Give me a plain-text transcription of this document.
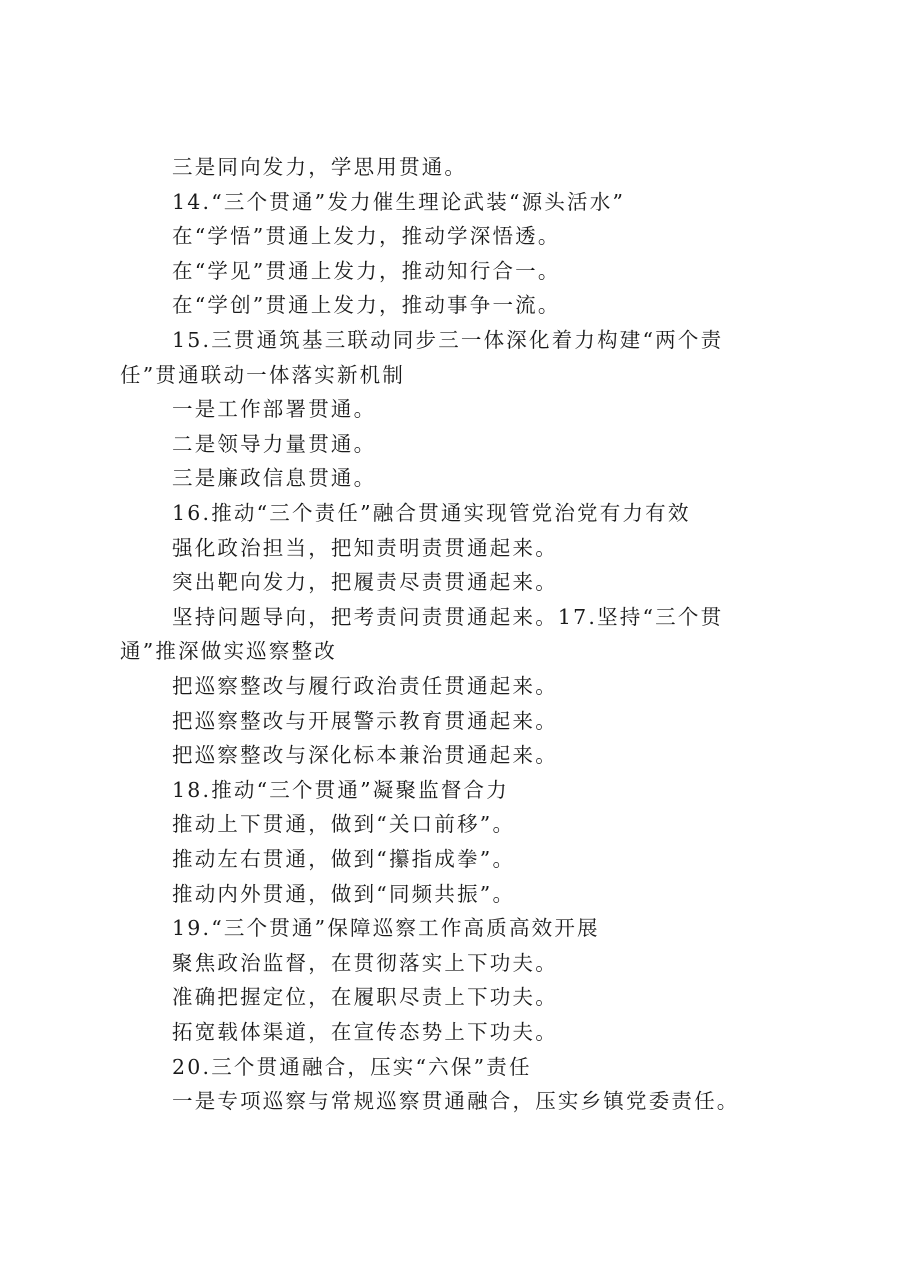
三是同向发力，学思用贯通。
14.“三个贯通”发力催生理论武装“源头活水”
在“学悟”贯通上发力，推动学深悟透。
在“学见”贯通上发力，推动知行合一。
在“学创”贯通上发力，推动事争一流。
15.三贯通筑基三联动同步三一体深化着力构建“两个责
任”贯通联动一体落实新机制
一是工作部署贯通。
二是领导力量贯通。
三是廉政信息贯通。
16.推动“三个责任”融合贯通实现管党治党有力有效
强化政治担当，把知责明责贯通起来。
突出靶向发力，把履责尽责贯通起来。
坚持问题导向，把考责问责贯通起来。17.坚持“三个贯
通”推深做实巡察整改
把巡察整改与履行政治责任贯通起来。
把巡察整改与开展警示教育贯通起来。
把巡察整改与深化标本兼治贯通起来。
18.推动“三个贯通”凝聚监督合力
推动上下贯通，做到“关口前移”。
推动左右贯通，做到“攥指成拳”。
推动内外贯通，做到“同频共振”。
19.“三个贯通”保障巡察工作高质高效开展
聚焦政治监督，在贯彻落实上下功夫。
准确把握定位，在履职尽责上下功夫。
拓宽载体渠道，在宣传态势上下功夫。
20.三个贯通融合，压实“六保”责任
一是专项巡察与常规巡察贯通融合，压实乡镇党委责任。
